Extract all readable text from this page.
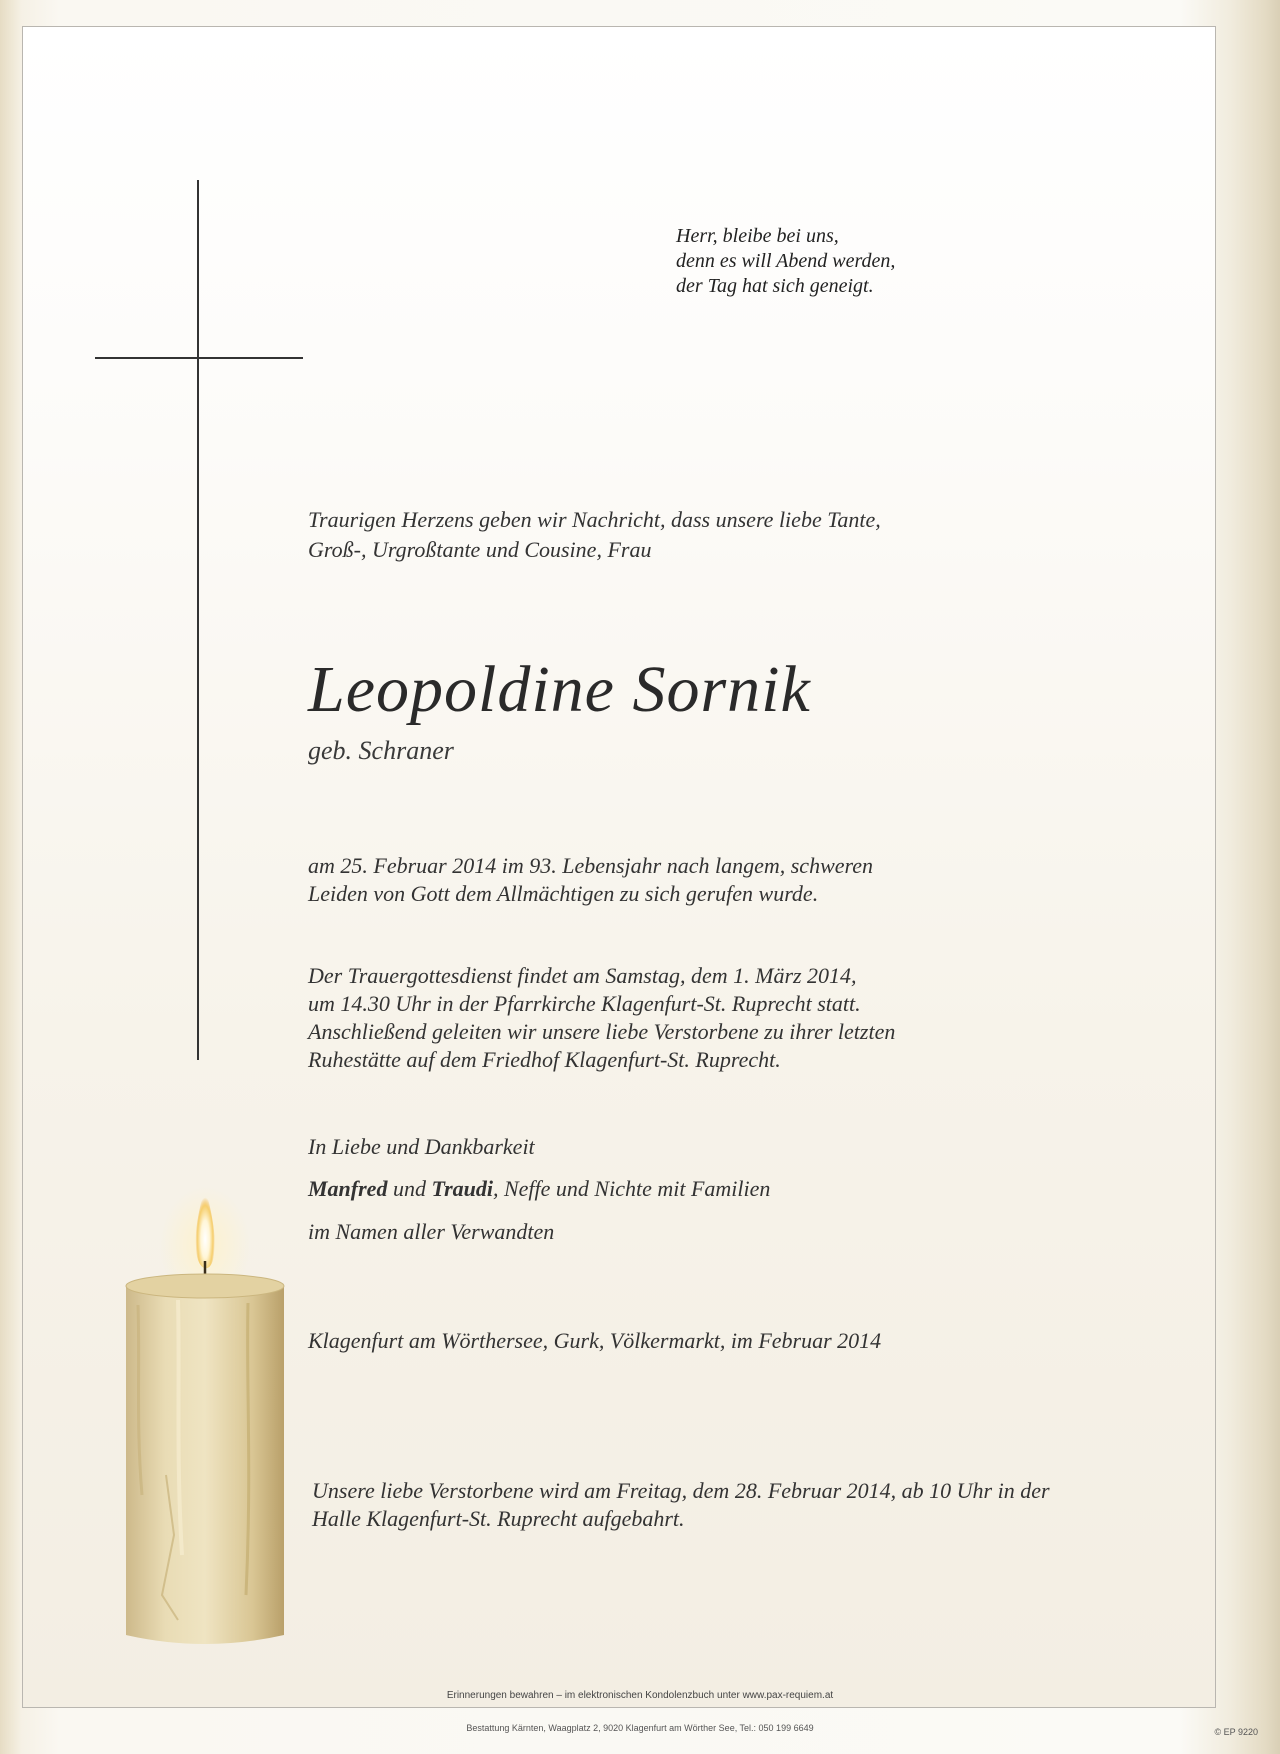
Herr, bleibe bei uns,
denn es will Abend werden,
der Tag hat sich geneigt.
Traurigen Herzens geben wir Nachricht, dass unsere liebe Tante,
Groß-, Urgroßtante und Cousine, Frau
Leopoldine Sornik
geb. Schraner
am 25. Februar 2014 im 93. Lebensjahr nach langem, schweren
Leiden von Gott dem Allmächtigen zu sich gerufen wurde.
Der Trauergottesdienst findet am Samstag, dem 1. März 2014,
um 14.30 Uhr in der Pfarrkirche Klagenfurt-St. Ruprecht statt.
Anschließend geleiten wir unsere liebe Verstorbene zu ihrer letzten
Ruhestätte auf dem Friedhof Klagenfurt-St. Ruprecht.
In Liebe und Dankbarkeit
Manfred und Traudi, Neffe und Nichte mit Familien
im Namen aller Verwandten
Klagenfurt am Wörthersee, Gurk, Völkermarkt, im Februar 2014
Unsere liebe Verstorbene wird am Freitag, dem 28. Februar 2014, ab 10 Uhr in der
Halle Klagenfurt-St. Ruprecht aufgebahrt.
Erinnerungen bewahren – im elektronischen Kondolenzbuch unter www.pax-requiem.at
Bestattung Kärnten, Waagplatz 2, 9020 Klagenfurt am Wörther See, Tel.: 050 199 6649	© EP 9220
